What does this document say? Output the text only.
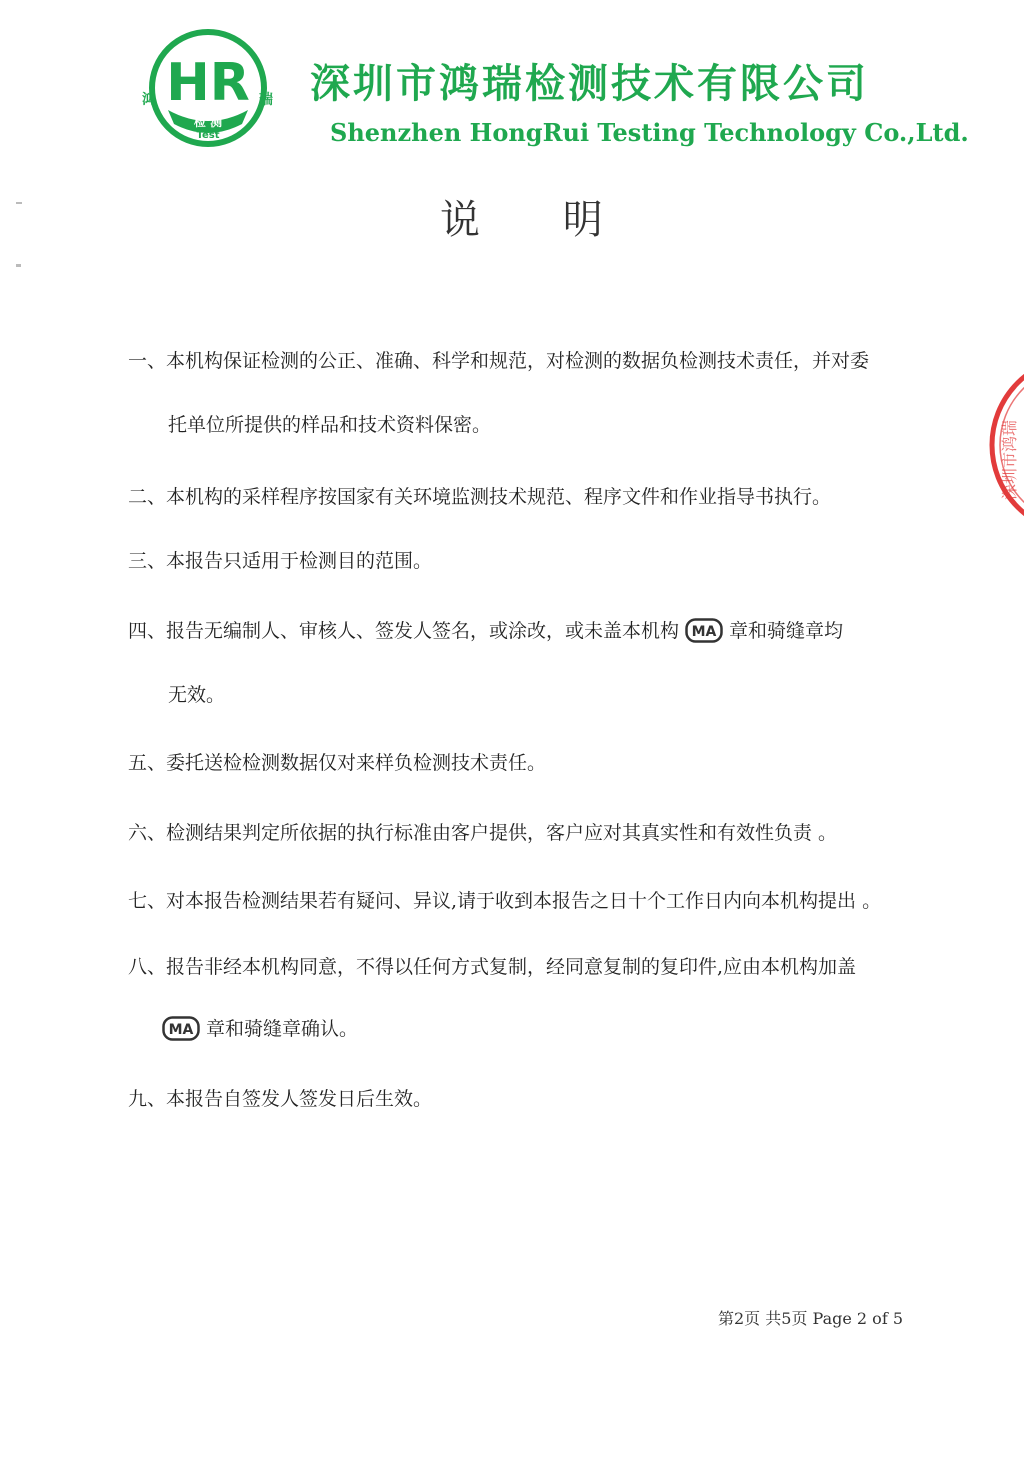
HR
检 测
Test
鸿	瑞 深圳市鸿瑞检测技术有限公司
Shenzhen HongRui Testing Technology Co.,Ltd.
说 明
一、本机构保证检测的公正、准确、科学和规范，对检测的数据负检测技术责任，并对委
托单位所提供的样品和技术资料保密。
二、本机构的采样程序按国家有关环境监测技术规范、程序文件和作业指导书执行。
三、本报告只适用于检测目的范围。
四、报告无编制人、审核人、签发人签名，或涂改，或未盖本机构 MA 章和骑缝章均
无效。
五、委托送检检测数据仅对来样负检测技术责任。
六、检测结果判定所依据的执行标准由客户提供，客户应对其真实性和有效性负责 。
七、对本报告检测结果若有疑问、异议,请于收到本报告之日十个工作日内向本机构提出 。
八、报告非经本机构同意，不得以任何方式复制，经同意复制的复印件,应由本机构加盖
MA 章和骑缝章确认。
九、本报告自签发人签发日后生效。
深圳市鸿瑞
第2页 共5页 Page 2 of 5
